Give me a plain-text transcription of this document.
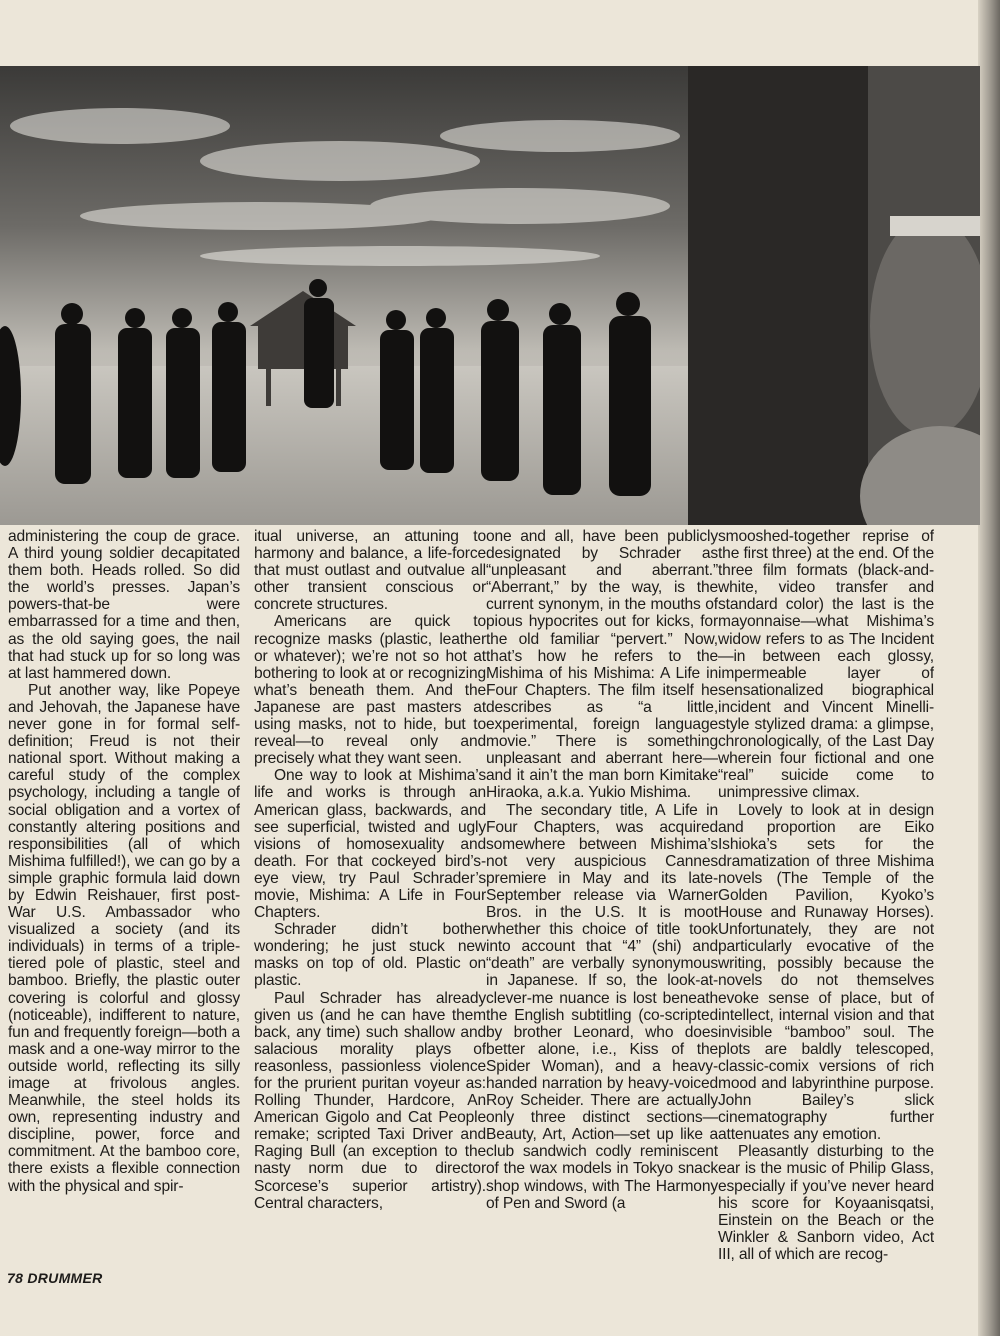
administering the coup de grace. A third young soldier decapitated them both. Heads rolled. So did the world’s presses. Japan’s powers-that-be were embarrassed for a time and then, as the old saying goes, the nail that had stuck up for so long was at last hammered down.

Put another way, like Popeye and Jehovah, the Japanese have never gone in for formal self-definition; Freud is not their national sport. Without making a careful study of the complex psychology, including a tangle of social obligation and a vortex of constantly altering positions and responsibilities (all of which Mishima fulfilled!), we can go by a simple graphic formula laid down by Edwin Reishauer, first post-War U.S. Ambassador who visualized a society (and its individuals) in terms of a triple-tiered pole of plastic, steel and bamboo. Briefly, the plastic outer covering is colorful and glossy (noticeable), indifferent to nature, fun and frequently foreign—both a mask and a one-way mirror to the outside world, reflecting its silly image at frivolous angles. Meanwhile, the steel holds its own, representing industry and discipline, power, force and commitment. At the bamboo core, there exists a flexible connection with the physical and spir-

itual universe, an attuning to harmony and balance, a life-force that must outlast and outvalue all other transient conscious or concrete structures.

Americans are quick to recognize masks (plastic, leather or whatever); we’re not so hot at bothering to look at or recognizing what’s beneath them. And the Japanese are past masters at using masks, not to hide, but to reveal—to reveal only and precisely what they want seen.

One way to look at Mishima’s life and works is through an American glass, backwards, and see superficial, twisted and ugly visions of homosexuality and death. For that cockeyed bird’s-eye view, try Paul Schrader’s movie, Mishima: A Life in Four Chapters.

Schrader didn’t bother wondering; he just stuck new masks on top of old. Plastic on plastic.

Paul Schrader has already given us (and he can have them back, any time) such shallow and salacious morality plays of reasonless, passionless violence for the prurient puritan voyeur as: Rolling Thunder, Hardcore, An American Gigolo and Cat People remake; scripted Taxi Driver and Raging Bull (an exception to the nasty norm due to director Scorcese’s superior artistry). Central characters,

one and all, have been publicly designated by Schrader as “unpleasant and aberrant.” “Aberrant,” by the way, is the current synonym, in the mouths of pious hypocrites out for kicks, for the old familiar “pervert.” Now, that’s how he refers to the Mishima of his Mishima: A Life in Four Chapters. The film itself he describes as “a little, experimental, foreign language movie.” There is something unpleasant and aberrant here—and it ain’t the man born Kimitake Hiraoka, a.k.a. Yukio Mishima.

The secondary title, A Life in Four Chapters, was acquired somewhere between Mishima’s not very auspicious Cannes premiere in May and its late-September release via Warner Bros. in the U.S. It is moot whether this choice of title took into account that “4” (shi) and “death” are verbally synonymous in Japanese. If so, the look-at-clever-me nuance is lost beneath the English subtitling (co-scripted by brother Leonard, who does better alone, i.e., Kiss of the Spider Woman), and a heavy-handed narration by heavy-voiced Roy Scheider. There are actually only three distinct sections—Beauty, Art, Action—set up like a club sandwich codly reminiscent of the wax models in Tokyo snack shop windows, with The Harmony of Pen and Sword (a

smooshed-together reprise of the first three) at the end. Of the three film formats (black-and-white, video transfer and standard color) the last is the mayonnaise—what Mishima’s widow refers to as The Incident—in between each glossy, impermeable layer of sensationalized biographical incident and Vincent Minelli-style stylized drama: a glimpse, chronologically, of the Last Day wherein four fictional and one “real” suicide come to unimpressive climax.

Lovely to look at in design and proportion are Eiko Ishioka’s sets for the dramatization of three Mishima novels (The Temple of the Golden Pavilion, Kyoko’s House and Runaway Horses). Unfortunately, they are not particularly evocative of the writing, possibly because the novels do not themselves evoke sense of place, but of intellect, internal vision and that invisible “bamboo” soul. The plots are baldly telescoped, classic-comix versions of rich mood and labyrinthine purpose. John Bailey’s slick cinematography further attenuates any emotion.

Pleasantly disturbing to the ear is the music of Philip Glass, especially if you’ve never heard his score for Koyaanisqatsi, Einstein on the Beach or the Winkler & Sanborn video, Act III, all of which are recog-

78 DRUMMER
